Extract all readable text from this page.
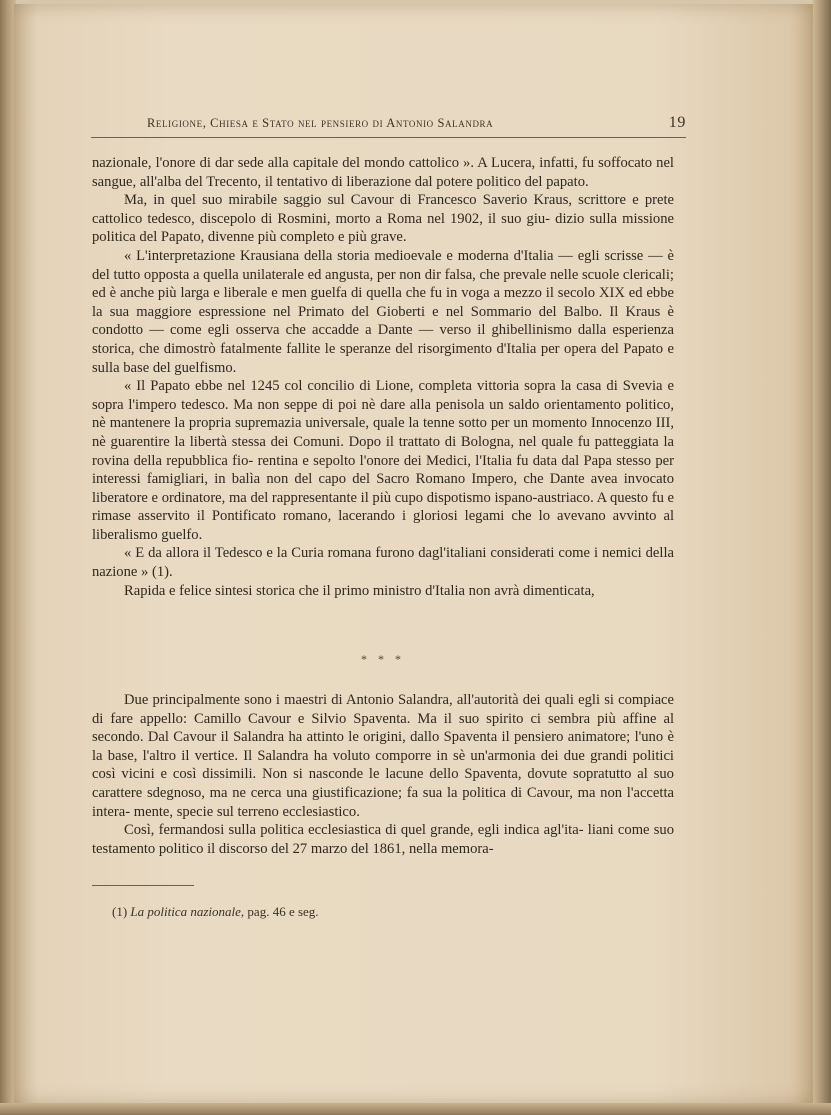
Religione, Chiesa e Stato nel pensiero di Antonio Salandra	19

nazionale, l'onore di dar sede alla capitale del mondo cattolico ». A Lucera, infatti, fu soffocato nel sangue, all'alba del Trecento, il tentativo di liberazione dal potere politico del papato.

Ma, in quel suo mirabile saggio sul Cavour di Francesco Saverio Kraus, scrittore e prete cattolico tedesco, discepolo di Rosmini, morto a Roma nel 1902, il suo giu- dizio sulla missione politica del Papato, divenne più completo e più grave.

« L'interpretazione Krausiana della storia medioevale e moderna d'Italia — egli scrisse — è del tutto opposta a quella unilaterale ed angusta, per non dir falsa, che prevale nelle scuole clericali; ed è anche più larga e liberale e men guelfa di quella che fu in voga a mezzo il secolo XIX ed ebbe la sua maggiore espressione nel Primato del Gioberti e nel Sommario del Balbo. Il Kraus è condotto — come egli osserva che accadde a Dante — verso il ghibellinismo dalla esperienza storica, che dimostrò fatalmente fallite le speranze del risorgimento d'Italia per opera del Papato e sulla base del guelfismo.

« Il Papato ebbe nel 1245 col concilio di Lione, completa vittoria sopra la casa di Svevia e sopra l'impero tedesco. Ma non seppe di poi nè dare alla penisola un saldo orientamento politico, nè mantenere la propria supremazia universale, quale la tenne sotto per un momento Innocenzo III, nè guarentire la libertà stessa dei Comuni. Dopo il trattato di Bologna, nel quale fu patteggiata la rovina della repubblica fio- rentina e sepolto l'onore dei Medici, l'Italia fu data dal Papa stesso per interessi famigliari, in balìa non del capo del Sacro Romano Impero, che Dante avea invocato liberatore e ordinatore, ma del rappresentante il più cupo dispotismo ispano-austriaco. A questo fu e rimase asservito il Pontificato romano, lacerando i gloriosi legami che lo avevano avvinto al liberalismo guelfo.

« E da allora il Tedesco e la Curia romana furono dagl'italiani considerati come i nemici della nazione » (1).

Rapida e felice sintesi storica che il primo ministro d'Italia non avrà dimenticata,

* * *

Due principalmente sono i maestri di Antonio Salandra, all'autorità dei quali egli si compiace di fare appello: Camillo Cavour e Silvio Spaventa. Ma il suo spirito ci sembra più affine al secondo. Dal Cavour il Salandra ha attinto le origini, dallo Spaventa il pensiero animatore; l'uno è la base, l'altro il vertice. Il Salandra ha voluto comporre in sè un'armonia dei due grandi politici così vicini e così dissimili. Non si nasconde le lacune dello Spaventa, dovute sopratutto al suo carattere sdegnoso, ma ne cerca una giustificazione; fa sua la politica di Cavour, ma non l'accetta intera- mente, specie sul terreno ecclesiastico.

Così, fermandosi sulla politica ecclesiastica di quel grande, egli indica agl'ita- liani come suo testamento politico il discorso del 27 marzo del 1861, nella memora-

(1) La politica nazionale, pag. 46 e seg.
